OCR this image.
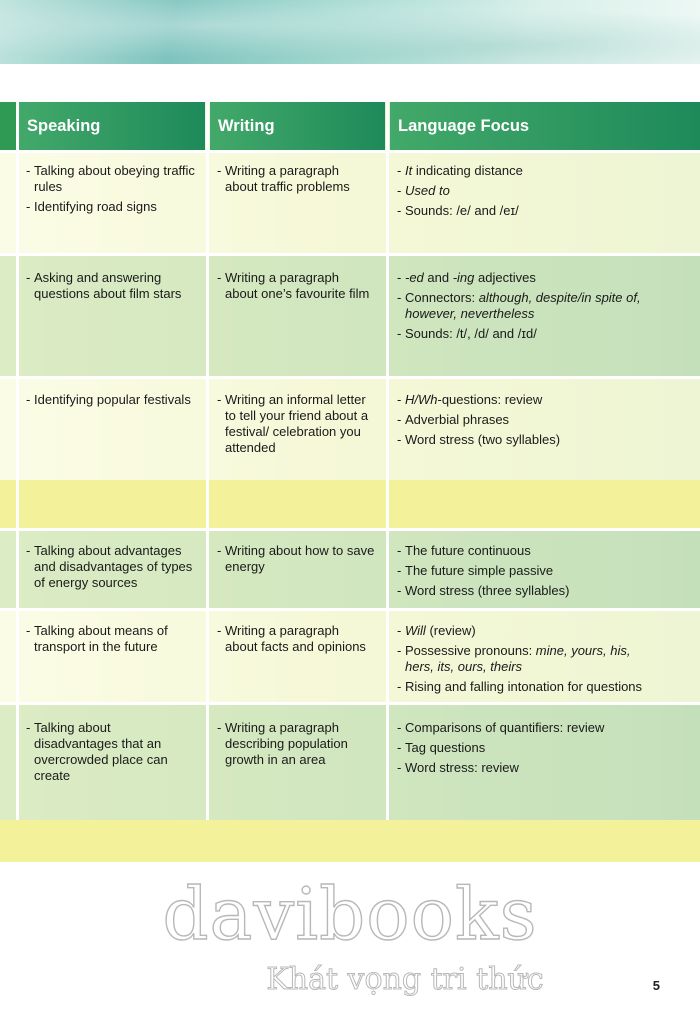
Speaking	Writing	Language Focus
- Talking about obeying traffic rules
- Identifying road signs
- Writing a paragraph about traffic problems
- It indicating distance
- Used to
- Sounds: /e/ and /eɪ/
- Asking and answering questions about film stars
- Writing a paragraph about one’s favourite film
- -ed and -ing adjectives
- Connectors: although, despite/in spite of, however, nevertheless
- Sounds: /t/, /d/ and /ɪd/
- Identifying popular festivals
-	Writing an informal letter to tell your friend about a festival/ celebration you attended
- H/Wh-questions: review
- Adverbial phrases
- Word stress (two syllables)
- Talking about advantages and disadvantages of types of energy sources
- Writing about how to save energy
- The future continuous
- The future simple passive
- Word stress (three syllables)
- Talking about means of transport in the future
- Writing a paragraph about facts and opinions
- Will (review)
- Possessive pronouns: mine, yours, his, hers, its, ours, theirs
- Rising and falling intonation for questions
- Talking about disadvantages that an overcrowded place can create
- Writing a paragraph describing population growth in an area
- Comparisons of quantifiers: review
- Tag questions
- Word stress: review
davibooks
Khát vọng tri thức	5
